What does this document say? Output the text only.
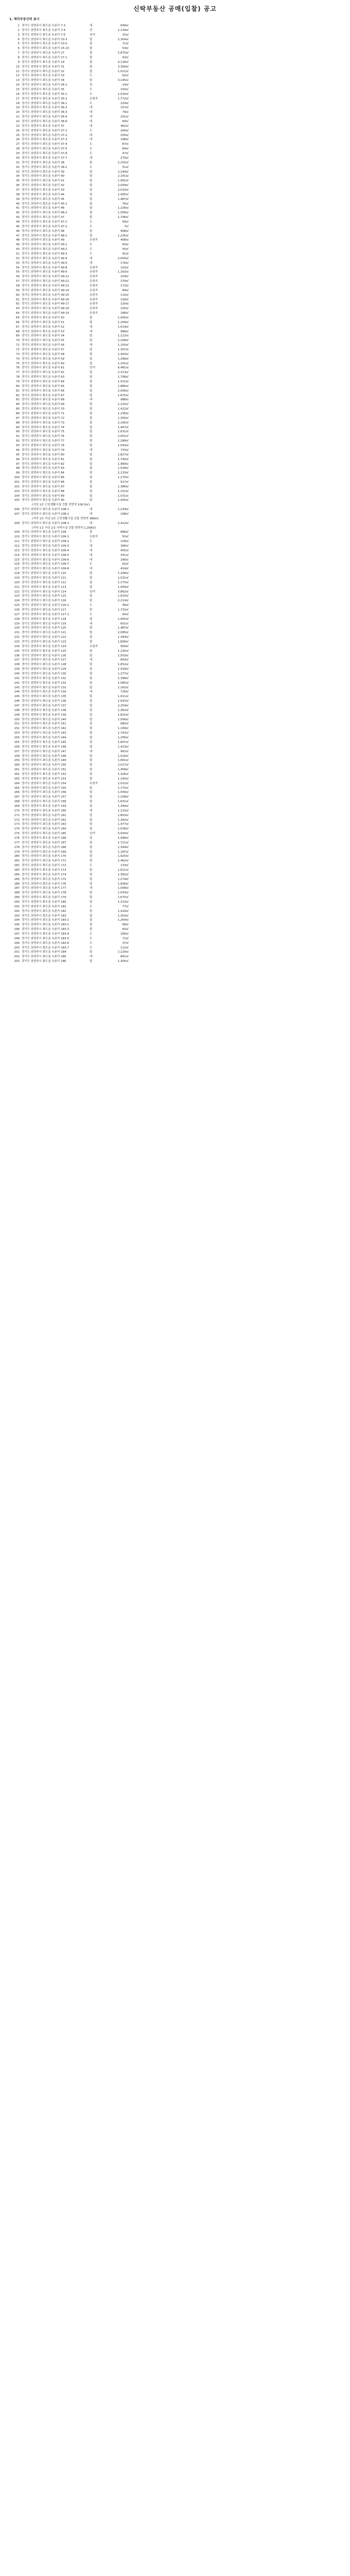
신탁부동산 공매(입찰) 공고
1. 매각부동산의 표시
1 경기도 남양주시 화도읍 녹촌리 7-3	대	658㎡
2 경기도 남양주시 화도읍 녹촌리 7-4	전	1,134㎡
3 경기도 남양주시 화도읍 녹촌리 7-5	임야	15㎡
4 경기도 남양주시 화도읍 녹촌리 23-3	답	2,304㎡
5 경기도 남양주시 화도읍 녹촌리 23-5	잡	71㎡
6 경기도 남양주시 화도읍 녹촌리 25-10	답	53㎡
7 경기도 남양주시 화도읍 녹촌리 27	잡	2,870㎡
8 경기도 남양주시 화도읍 녹촌리 27-1	잡	42㎡
9 경기도 남양주시 화도읍 녹촌리 29	답	4,116㎡
10 경기도 남양주시 화도읍 녹촌리 31	답	3,309㎡
11 경기도 남양주시 화도읍 녹촌리 32	답	1,021㎡
12 경기도 남양주시 화도읍 녹촌리 33	도	62㎡
13 경기도 남양주시 화도읍 녹촌리 34	답	3,145㎡
14 경기도 남양주시 화도읍 녹촌리 34-1	천	14㎡
15 경기도 남양주시 화도읍 녹촌리 35	도	193㎡
16 경기도 남양주시 화도읍 녹촌리 35-1	도	1,016㎡
17 경기도 남양주시 화도읍 녹촌리 35-2	유원지	1,772㎡
18 경기도 남양주시 화도읍 녹촌리 36-1	도	224㎡
19 경기도 남양주시 화도읍 녹촌리 36-2	대	157㎡
20 경기도 남양주시 화도읍 녹촌리 36-3	대	79㎡
21 경기도 남양주시 화도읍 녹촌리 36-4	대	201㎡
22 경기도 남양주시 화도읍 녹촌리 36-6	대	69㎡
23 경기도 남양주시 화도읍 녹촌리 37	대	462㎡
24 경기도 남양주시 화도읍 녹촌리 37-1	도	200㎡
25 경기도 남양주시 화도읍 녹촌리 37-2	대	205㎡
26 경기도 남양주시 화도읍 녹촌리 37-3	대	198㎡
27 경기도 남양주시 화도읍 녹촌리 37-4	도	87㎡
28 경기도 남양주시 화도읍 녹촌리 37-5	도	84㎡
29 경기도 남양주시 화도읍 녹촌리 37-6	도	47㎡
30 경기도 남양주시 화도읍 녹촌리 37-7	대	270㎡
31 경기도 남양주시 화도읍 녹촌리 38	답	2,155㎡
32 경기도 남양주시 화도읍 녹촌리 38-1	도	51㎡
33 경기도 남양주시 화도읍 녹촌리 39	답	2,194㎡
34 경기도 남양주시 화도읍 녹촌리 40	답	2,141㎡
35 경기도 남양주시 화도읍 녹촌리 41	답	1,991㎡
36 경기도 남양주시 화도읍 녹촌리 42	답	2,059㎡
37 경기도 남양주시 화도읍 녹촌리 43	답	2,010㎡
38 경기도 남양주시 화도읍 녹촌리 44	답	1,405㎡
39 경기도 남양주시 화도읍 녹촌리 45	답	1,487㎡
40 경기도 남양주시 화도읍 녹촌리 45-1	답	76㎡
41 경기도 남양주시 화도읍 녹촌리 46	답	1,226㎡
42 경기도 남양주시 화도읍 녹촌리 46-2	잡	1,556㎡
43 경기도 남양주시 화도읍 녹촌리 47	답	1,706㎡
44 경기도 남양주시 화도읍 녹촌리 47-1	도	58㎡
45 경기도 남양주시 화도읍 녹촌리 47-2	도	7㎡
46 경기도 남양주시 화도읍 녹촌리 48	답	908㎡
47 경기도 남양주시 화도읍 녹촌리 48-1	답	1,235㎡
48 경기도 남양주시 화도읍 녹촌리 49	유원지	408㎡
49 경기도 남양주시 화도읍 녹촌리 49-1	도	83㎡
50 경기도 남양주시 화도읍 녹촌리 49-2	도	50㎡
51 경기도 남양주시 화도읍 녹촌리 49-3	도	91㎡
52 경기도 남양주시 화도읍 녹촌리 49-4	대	2,000㎡
53 경기도 남양주시 화도읍 녹촌리 49-5	대	176㎡
54 경기도 남양주시 화도읍 녹촌리 49-8	유원지	102㎡
55 경기도 남양주시 화도읍 녹촌리 49-9	유원지	1,162㎡
56 경기도 남양주시 화도읍 녹촌리 49-11	유원지	104㎡
57 경기도 남양주시 화도읍 녹촌리 49-12	유원지	279㎡
58 경기도 남양주시 화도읍 녹촌리 49-13	유원지	172㎡
59 경기도 남양주시 화도읍 녹촌리 49-14	유원지	84㎡
60 경기도 남양주시 화도읍 녹촌리 49-15	유원지	110㎡
61 경기도 남양주시 화도읍 녹촌리 49-16	유원지	159㎡
62 경기도 남양주시 화도읍 녹촌리 49-17	유원지	120㎡
63 경기도 남양주시 화도읍 녹촌리 49-18	유원지	155㎡
64 경기도 남양주시 화도읍 녹촌리 49-19	유원지	188㎡
65 경기도 남양주시 화도읍 녹촌리 50	답	1,005㎡
66 경기도 남양주시 화도읍 녹촌리 51	답	1,209㎡
67 경기도 남양주시 화도읍 녹촌리 52	대	1,014㎡
68 경기도 남양주시 화도읍 녹촌리 53	대	988㎡
69 경기도 남양주시 화도읍 녹촌리 54	답	1,122㎡
70 경기도 남양주시 화도읍 녹촌리 55	답	1,208㎡
71 경기도 남양주시 화도읍 녹촌리 56	대	1,155㎡
72 경기도 남양주시 화도읍 녹촌리 57	답	1,307㎡
73 경기도 남양주시 화도읍 녹촌리 58	답	1,403㎡
74 경기도 남양주시 화도읍 녹촌리 59	답	1,296㎡
75 경기도 남양주시 화도읍 녹촌리 60	답	1,101㎡
76 경기도 남양주시 화도읍 녹촌리 61	임야	6,481㎡
77 경기도 남양주시 화도읍 녹촌리 62	답	2,313㎡
78 경기도 남양주시 화도읍 녹촌리 63	답	1,708㎡
79 경기도 남양주시 화도읍 녹촌리 64	답	1,521㎡
80 경기도 남양주시 화도읍 녹촌리 65	답	1,880㎡
81 경기도 남양주시 화도읍 녹촌리 66	답	2,006㎡
82 경기도 남양주시 화도읍 녹촌리 67	답	1,675㎡
83 경기도 남양주시 화도읍 녹촌리 68	대	988㎡
84 경기도 남양주시 화도읍 녹촌리 69	답	1,232㎡
85 경기도 남양주시 화도읍 녹촌리 70	답	1,412㎡
86 경기도 남양주시 화도읍 녹촌리 71	답	1,156㎡
87 경기도 남양주시 화도읍 녹촌리 72	잡	1,305㎡
88 경기도 남양주시 화도읍 녹촌리 73	답	2,190㎡
89 경기도 남양주시 화도읍 녹촌리 74	답	1,447㎡
90 경기도 남양주시 화도읍 녹촌리 75	답	1,631㎡
91 경기도 남양주시 화도읍 녹촌리 76	답	2,051㎡
92 경기도 남양주시 화도읍 녹촌리 77	답	1,288㎡
93 경기도 남양주시 화도읍 녹촌리 78	답	1,593㎡
94 경기도 남양주시 화도읍 녹촌리 79	대	733㎡
95 경기도 남양주시 화도읍 녹촌리 80	답	1,827㎡
96 경기도 남양주시 화도읍 녹촌리 81	답	1,740㎡
97 경기도 남양주시 화도읍 녹촌리 82	답	1,969㎡
98 경기도 남양주시 화도읍 녹촌리 83	답	1,518㎡
99 경기도 남양주시 화도읍 녹촌리 84	답	2,133㎡
100 경기도 남양주시 화도읍 녹촌리 85	답	1,270㎡
101 경기도 남양주시 화도읍 녹촌리 86	잡	917㎡
102 경기도 남양주시 화도읍 녹촌리 87	답	1,386㎡
103 경기도 남양주시 화도읍 녹촌리 88	답	1,152㎡
104 경기도 남양주시 화도읍 녹촌리 89	답	1,031㎡
105 경기도 남양주시 화도읍 녹촌리 90	답	1,420㎡
(지상 1층 근린생활시설 건물 연면적 106.5㎡)
106 경기도 남양주시 화도읍 녹촌리 108-1	대	1,234㎡
107 경기도 남양주시 화도읍 녹촌리 108-2	대	198㎡
(지하 1층 지상 2층 근린생활시설 건물 연면적 388㎡)
108 경기도 남양주시 화도읍 녹촌리 108-3	대	2,412㎡
(지하 1층 지상 2층 숙박시설 건물 연면적 1,208㎡)
109 경기도 남양주시 화도읍 녹촌리 109	잡	886㎡
110 경기도 남양주시 화도읍 녹촌리 109-1	유원지	55㎡
111 경기도 남양주시 화도읍 녹촌리 109-2	도	128㎡
112 경기도 남양주시 화도읍 녹촌리 109-3	대	306㎡
113 경기도 남양주시 화도읍 녹촌리 109-4	대	455㎡
114 경기도 남양주시 화도읍 녹촌리 109-5	대	331㎡
115 경기도 남양주시 화도읍 녹촌리 109-6	대	290㎡
116 경기도 남양주시 화도읍 녹촌리 109-7	도	62㎡
117 경기도 남양주시 화도읍 녹촌리 109-8	대	414㎡
118 경기도 남양주시 화도읍 녹촌리 110	답	1,208㎡
119 경기도 남양주시 화도읍 녹촌리 111	답	1,531㎡
120 경기도 남양주시 화도읍 녹촌리 112	답	1,175㎡
121 경기도 남양주시 화도읍 녹촌리 113	답	1,004㎡
122 경기도 남양주시 화도읍 녹촌리 114	임야	3,862㎡
123 경기도 남양주시 화도읍 녹촌리 115	답	1,610㎡
124 경기도 남양주시 화도읍 녹촌리 116	답	2,214㎡
125 경기도 남양주시 화도읍 녹촌리 116-1	도	49㎡
126 경기도 남양주시 화도읍 녹촌리 117	답	1,732㎡
127 경기도 남양주시 화도읍 녹촌리 117-1	도	40㎡
128 경기도 남양주시 화도읍 녹촌리 118	답	1,955㎡
129 경기도 남양주시 화도읍 녹촌리 119	대	601㎡
130 경기도 남양주시 화도읍 녹촌리 120	답	1,487㎡
131 경기도 남양주시 화도읍 녹촌리 121	답	2,085㎡
132 경기도 남양주시 화도읍 녹촌리 122	답	1,344㎡
133 경기도 남양주시 화도읍 녹촌리 123	답	1,806㎡
134 경기도 남양주시 화도읍 녹촌리 124	유원지	564㎡
135 경기도 남양주시 화도읍 녹촌리 125	답	1,216㎡
136 경기도 남양주시 화도읍 녹촌리 126	답	1,503㎡
137 경기도 남양주시 화도읍 녹촌리 127	대	843㎡
138 경기도 남양주시 화도읍 녹촌리 128	답	1,652㎡
139 경기도 남양주시 화도읍 녹촌리 129	답	1,419㎡
140 경기도 남양주시 화도읍 녹촌리 130	답	1,277㎡
141 경기도 남양주시 화도읍 녹촌리 131	답	1,398㎡
142 경기도 남양주시 화도읍 녹촌리 132	답	1,585㎡
143 경기도 남양주시 화도읍 녹촌리 133	답	1,162㎡
144 경기도 남양주시 화도읍 녹촌리 134	대	726㎡
145 경기도 남양주시 화도읍 녹촌리 135	답	1,911㎡
146 경기도 남양주시 화도읍 녹촌리 136	답	1,043㎡
147 경기도 남양주시 화도읍 녹촌리 137	답	2,254㎡
148 경기도 남양주시 화도읍 녹촌리 138	답	1,362㎡
149 경기도 남양주시 화도읍 녹촌리 139	답	1,820㎡
150 경기도 남양주시 화도읍 녹촌리 140	답	1,506㎡
151 경기도 남양주시 화도읍 녹촌리 141	잡	680㎡
152 경기도 남양주시 화도읍 녹촌리 142	답	1,184㎡
153 경기도 남양주시 화도읍 녹촌리 143	답	1,743㎡
154 경기도 남양주시 화도읍 녹촌리 144	답	1,295㎡
155 경기도 남양주시 화도읍 녹촌리 145	답	1,607㎡
156 경기도 남양주시 화도읍 녹촌리 146	답	1,413㎡
157 경기도 남양주시 화도읍 녹촌리 147	대	962㎡
158 경기도 남양주시 화도읍 녹촌리 148	답	1,529㎡
159 경기도 남양주시 화도읍 녹촌리 149	답	1,681㎡
160 경기도 남양주시 화도읍 녹촌리 150	답	2,017㎡
161 경기도 남양주시 화도읍 녹촌리 151	답	1,458㎡
162 경기도 남양주시 화도읍 녹촌리 152	답	1,326㎡
163 경기도 남양주시 화도읍 녹촌리 153	답	1,140㎡
164 경기도 남양주시 화도읍 녹촌리 154	유원지	1,012㎡
165 경기도 남양주시 화도읍 녹촌리 155	답	1,775㎡
166 경기도 남양주시 화도읍 녹촌리 156	답	1,549㎡
167 경기도 남양주시 화도읍 녹촌리 157	답	1,208㎡
168 경기도 남양주시 화도읍 녹촌리 158	답	1,631㎡
169 경기도 남양주시 화도읍 녹촌리 159	답	1,394㎡
170 경기도 남양주시 화도읍 녹촌리 160	대	1,115㎡
171 경기도 남양주시 화도읍 녹촌리 161	답	1,803㎡
172 경기도 남양주시 화도읍 녹촌리 162	답	1,262㎡
173 경기도 남양주시 화도읍 녹촌리 163	답	1,477㎡
174 경기도 남양주시 화도읍 녹촌리 164	답	1,036㎡
175 경기도 남양주시 화도읍 녹촌리 165	임야	5,930㎡
176 경기도 남양주시 화도읍 녹촌리 166	답	1,588㎡
177 경기도 남양주시 화도읍 녹촌리 167	답	1,721㎡
178 경기도 남양주시 화도읍 녹촌리 168	답	1,349㎡
179 경기도 남양주시 화도읍 녹촌리 169	답	1,187㎡
180 경기도 남양주시 화도읍 녹촌리 170	답	1,925㎡
181 경기도 남양주시 화도읍 녹촌리 171	답	1,462㎡
182 경기도 남양주시 화도읍 녹촌리 172	도	133㎡
183 경기도 남양주시 화도읍 녹촌리 173	답	1,611㎡
184 경기도 남양주시 화도읍 녹촌리 174	답	1,392㎡
185 경기도 남양주시 화도읍 녹촌리 175	답	1,274㎡
186 경기도 남양주시 화도읍 녹촌리 176	답	1,836㎡
187 경기도 남양주시 화도읍 녹촌리 177	대	1,008㎡
188 경기도 남양주시 화도읍 녹촌리 178	답	1,543㎡
189 경기도 남양주시 화도읍 녹촌리 179	답	1,675㎡
190 경기도 남양주시 화도읍 녹촌리 180	답	1,213㎡
191 경기도 남양주시 화도읍 녹촌리 181	도	77㎡
192 경기도 남양주시 화도읍 녹촌리 182	답	1,419㎡
193 경기도 남양주시 화도읍 녹촌리 183	답	1,302㎡
194 경기도 남양주시 화도읍 녹촌리 183-1	잡	1,264㎡
195 경기도 남양주시 화도읍 녹촌리 183-2	잡	68㎡
196 경기도 남양주시 화도읍 녹촌리 183-3	잡	60㎡
197 경기도 남양주시 화도읍 녹촌리 183-4	도	185㎡
198 경기도 남양주시 화도읍 녹촌리 183-5	도	71㎡
199 경기도 남양주시 화도읍 녹촌리 183-6	도	37㎡
200 경기도 남양주시 화도읍 녹촌리 183-7	도	112㎡
201 경기도 남양주시 화도읍 녹촌리 184	답	2,116㎡
202 경기도 남양주시 화도읍 녹촌리 185	대	841㎡
203 경기도 남양주시 화도읍 녹촌리 186	답	1,305㎡
